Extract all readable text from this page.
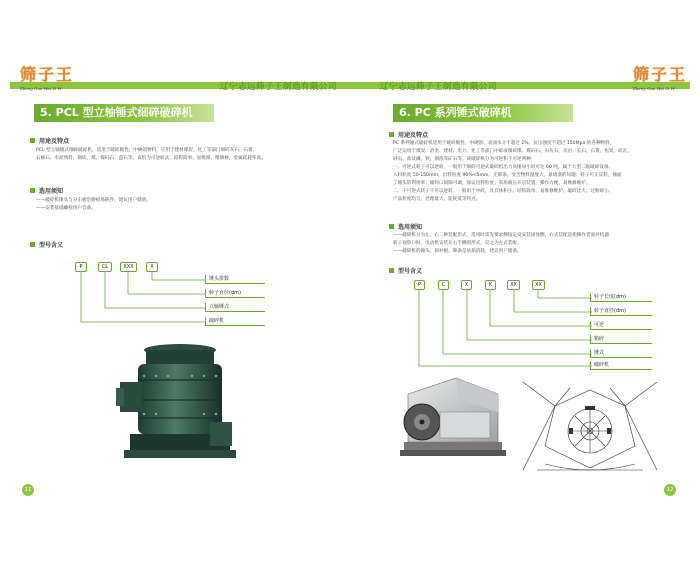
辽宁志远筛子王制造有限公司	辽宁志远筛子王制造有限公司
筛子王	筛子王
Zheng Guo Wai Zi W	Zheng Guo Wai Zi W
5. PCL 型立轴锤式细碎破碎机
用途及特点
PCL 型立轴锤式细碎破碎机，适用于破碎脆性、中硬的物料，应用于建材煤炭、化工等部门细碎灰石、石膏、
石棉石、水泥熟料、钢砖、煤、煤矸石、萤石等。该机为可逆转式，结构简单、易维修、维修修，金属耗耗率高。
选用须知
——破碎机锤头与分击板是磨损易耗件，建议用户储备。
——安装基础螺栓用户自备。
型号含义
P	CL	XXX	X
锤头排数
转子直径(dm)
立轴锤式
破碎机
11
6. PC 系列锤式破碎机
用途及特点
PC 系列锤式破碎机适用于破碎脆性、中硬的、表面水分不超过 2%、抗压强度不超过 150Mpa 的各种物料，
广泛运用于煤炭、冶金、建材、电力、化工等部门中碎或细碎煤、煤矸石、石灰石、页岩、长石、石膏、焦炭、砖瓦、
砂石、盐及磷、铁、钢渣等矿石等。该破碎机分为可逆和不可逆两种：
一、可逆式转子可以逆转，一般用于细碎可逆式破碎机出力高锤每小时可达 60 吨，属于大型二级破碎设备。
入料粒度 50-150mm，出料粒度 90%<5mm，无筛条。受苦物料湿度大，易堵塞的问题；转子可正反转，锤面
了锤头的利用率；锤料口间隙可调，保证出料粒度；采用液压开启装置，操作方便，易维修维护。
二、不可逆式转子不可以逆转。一般用于中碎，具有体积小、结构简单、易维修维护、破碎比大、过粉碎小、
产品粒度均匀、处理量大、能耗低等特点。
选用须知
——破碎机分为左、右二种装配形式，选用时需先要求侧按定受安装固体侧，右式装配是指操作者面对机器
转子观察口时，电动机安装在右手侧的形式，反之为左式装配。
——破碎机的锤头、锁衬板、筛条是易损消耗，建议用户储备。
型号含义
P	C	X	K	XX	XX
转子长度(dm)
转子直径(dm)
可逆
箱碎
锤式
破碎机
12
